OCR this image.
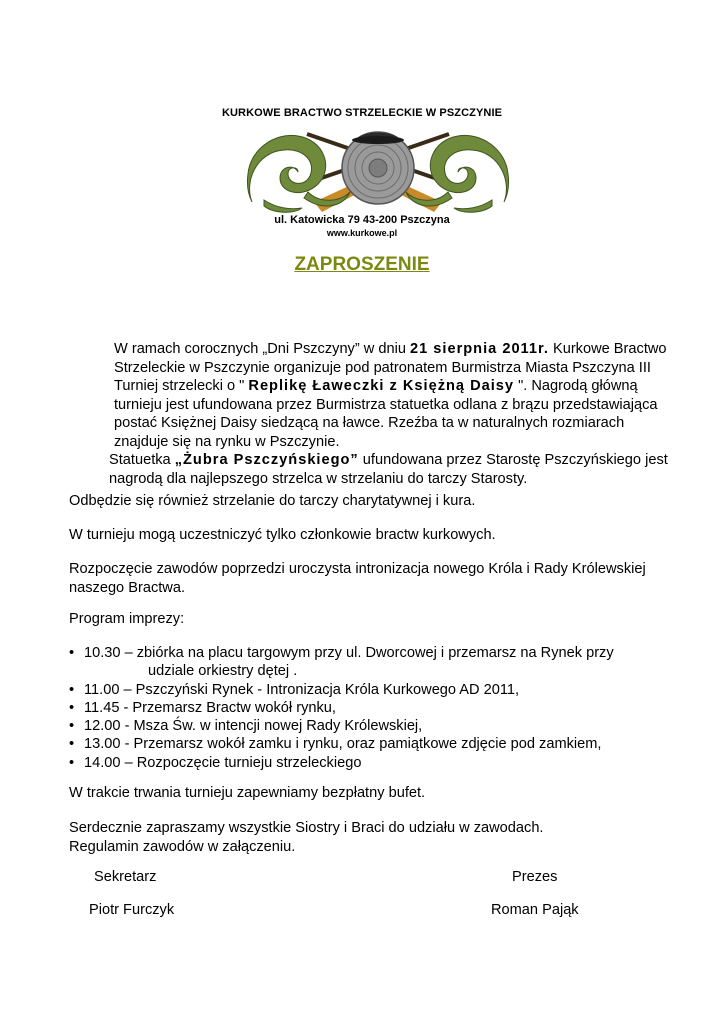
KURKOWE BRACTWO STRZELECKIE W PSZCZYNIE
ul. Katowicka 79 43-200 Pszczyna
www.kurkowe.pl
ZAPROSZENIE
W ramach corocznych „Dni Pszczyny” w dniu 21 sierpnia 2011r. Kurkowe Bractwo Strzeleckie w Pszczynie organizuje pod patronatem Burmistrza Miasta Pszczyna III Turniej strzelecki o " Replikę Ławeczki z Księżną Daisy ". Nagrodą główną turnieju jest ufundowana przez Burmistrza statuetka odlana z brązu przedstawiająca postać Księżnej Daisy siedzącą na ławce. Rzeźba ta w naturalnych rozmiarach znajduje się na rynku w Pszczynie.
Statuetka „Żubra Pszczyńskiego” ufundowana przez Starostę Pszczyńskiego jest nagrodą dla najlepszego strzelca w strzelaniu do tarczy Starosty.
Odbędzie się również strzelanie do tarczy charytatywnej i kura.
W turnieju mogą uczestniczyć tylko członkowie bractw kurkowych.
Rozpoczęcie zawodów poprzedzi uroczysta intronizacja nowego Króla i Rady Królewskiej naszego Bractwa.
Program imprezy:
• 10.30 – zbiórka na placu targowym przy ul. Dworcowej i przemarsz na Rynek przy
udziale orkiestry dętej .
• 11.00 – Pszczyński Rynek - Intronizacja Króla Kurkowego AD 2011,
• 11.45 - Przemarsz Bractw wokół rynku,
• 12.00 - Msza Św. w intencji nowej Rady Królewskiej,
• 13.00 - Przemarsz wokół zamku i rynku, oraz pamiątkowe zdjęcie pod zamkiem,
• 14.00 – Rozpoczęcie turnieju strzeleckiego
W trakcie trwania turnieju zapewniamy bezpłatny bufet.
Serdecznie zapraszamy wszystkie Siostry i Braci do udziału w zawodach.
Regulamin zawodów w załączeniu.
Sekretarz
Piotr Furczyk
Prezes
Roman Pająk
